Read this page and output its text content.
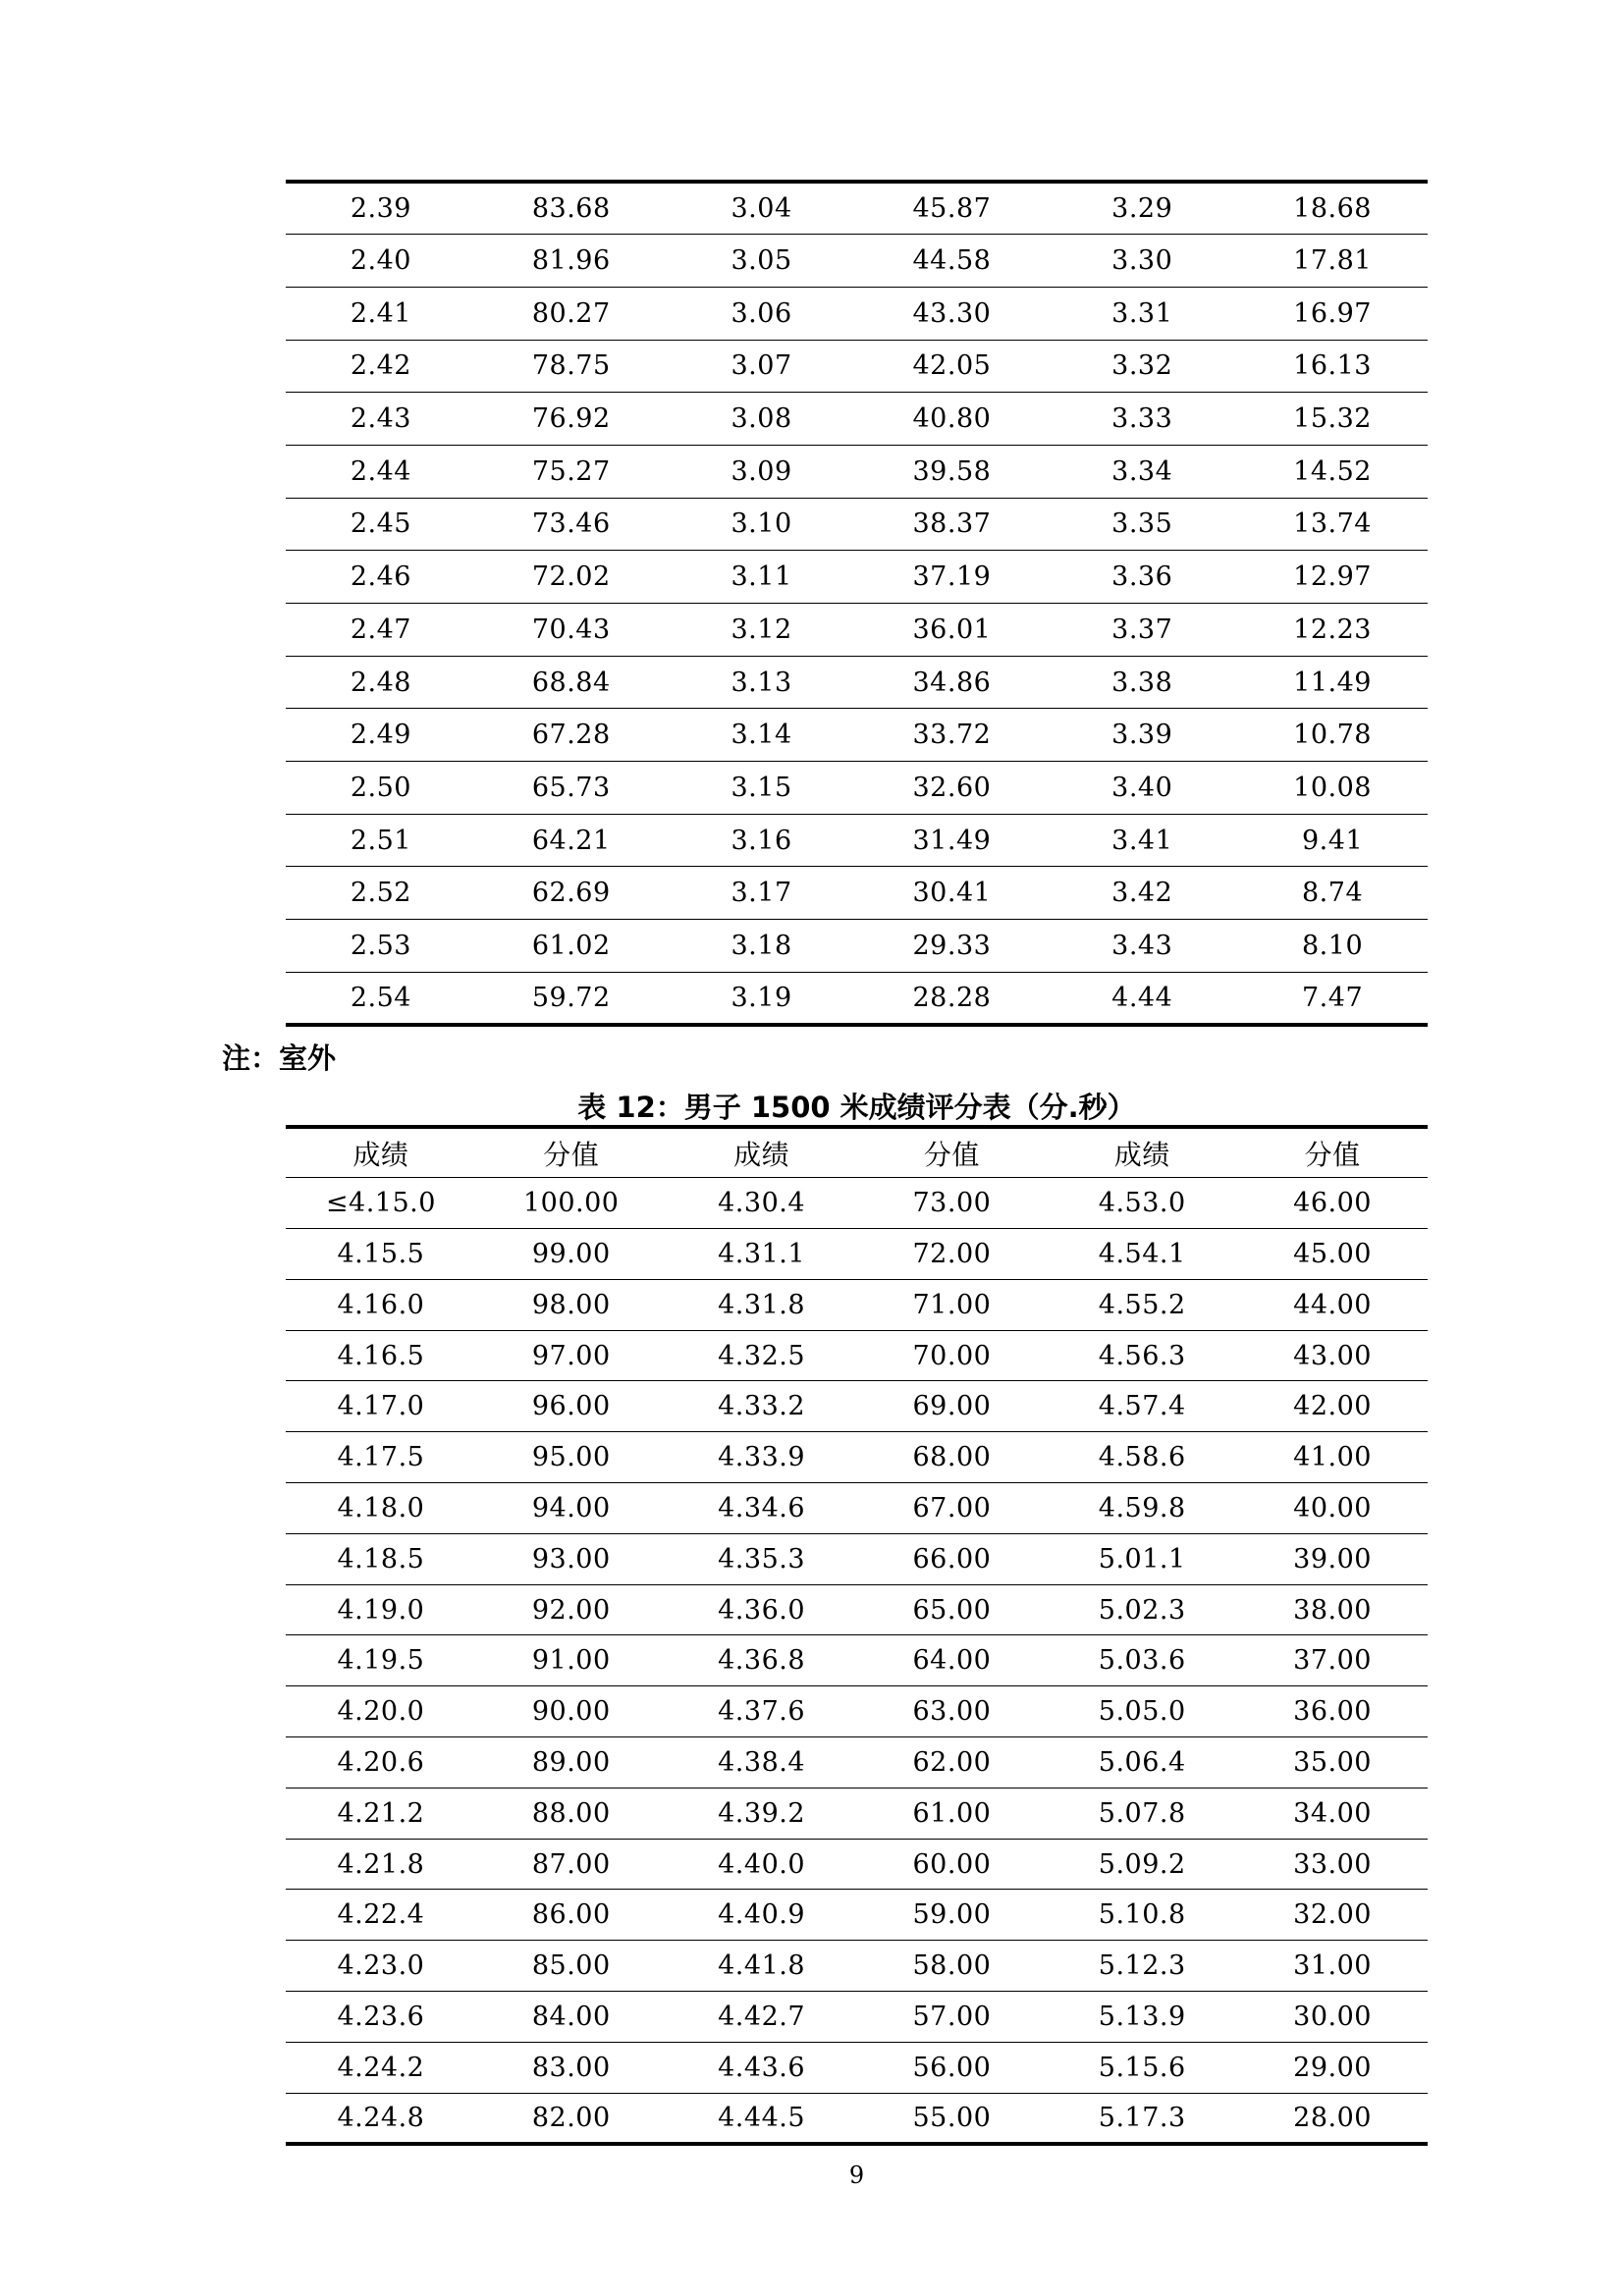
2.39	83.68	3.04	45.87	3.29	18.68
2.40	81.96	3.05	44.58	3.30	17.81
2.41	80.27	3.06	43.30	3.31	16.97
2.42	78.75	3.07	42.05	3.32	16.13
2.43	76.92	3.08	40.80	3.33	15.32
2.44	75.27	3.09	39.58	3.34	14.52
2.45	73.46	3.10	38.37	3.35	13.74
2.46	72.02	3.11	37.19	3.36	12.97
2.47	70.43	3.12	36.01	3.37	12.23
2.48	68.84	3.13	34.86	3.38	11.49
2.49	67.28	3.14	33.72	3.39	10.78
2.50	65.73	3.15	32.60	3.40	10.08
2.51	64.21	3.16	31.49	3.41	9.41
2.52	62.69	3.17	30.41	3.42	8.74
2.53	61.02	3.18	29.33	3.43	8.10
2.54	59.72	3.19	28.28	4.44	7.47

注：室外

表 12：男子 1500 米成绩评分表（分.秒）

成绩	分值	成绩	分值	成绩	分值
≤4.15.0	100.00	4.30.4	73.00	4.53.0	46.00
4.15.5	99.00	4.31.1	72.00	4.54.1	45.00
4.16.0	98.00	4.31.8	71.00	4.55.2	44.00
4.16.5	97.00	4.32.5	70.00	4.56.3	43.00
4.17.0	96.00	4.33.2	69.00	4.57.4	42.00
4.17.5	95.00	4.33.9	68.00	4.58.6	41.00
4.18.0	94.00	4.34.6	67.00	4.59.8	40.00
4.18.5	93.00	4.35.3	66.00	5.01.1	39.00
4.19.0	92.00	4.36.0	65.00	5.02.3	38.00
4.19.5	91.00	4.36.8	64.00	5.03.6	37.00
4.20.0	90.00	4.37.6	63.00	5.05.0	36.00
4.20.6	89.00	4.38.4	62.00	5.06.4	35.00
4.21.2	88.00	4.39.2	61.00	5.07.8	34.00
4.21.8	87.00	4.40.0	60.00	5.09.2	33.00
4.22.4	86.00	4.40.9	59.00	5.10.8	32.00
4.23.0	85.00	4.41.8	58.00	5.12.3	31.00
4.23.6	84.00	4.42.7	57.00	5.13.9	30.00
4.24.2	83.00	4.43.6	56.00	5.15.6	29.00
4.24.8	82.00	4.44.5	55.00	5.17.3	28.00
9
